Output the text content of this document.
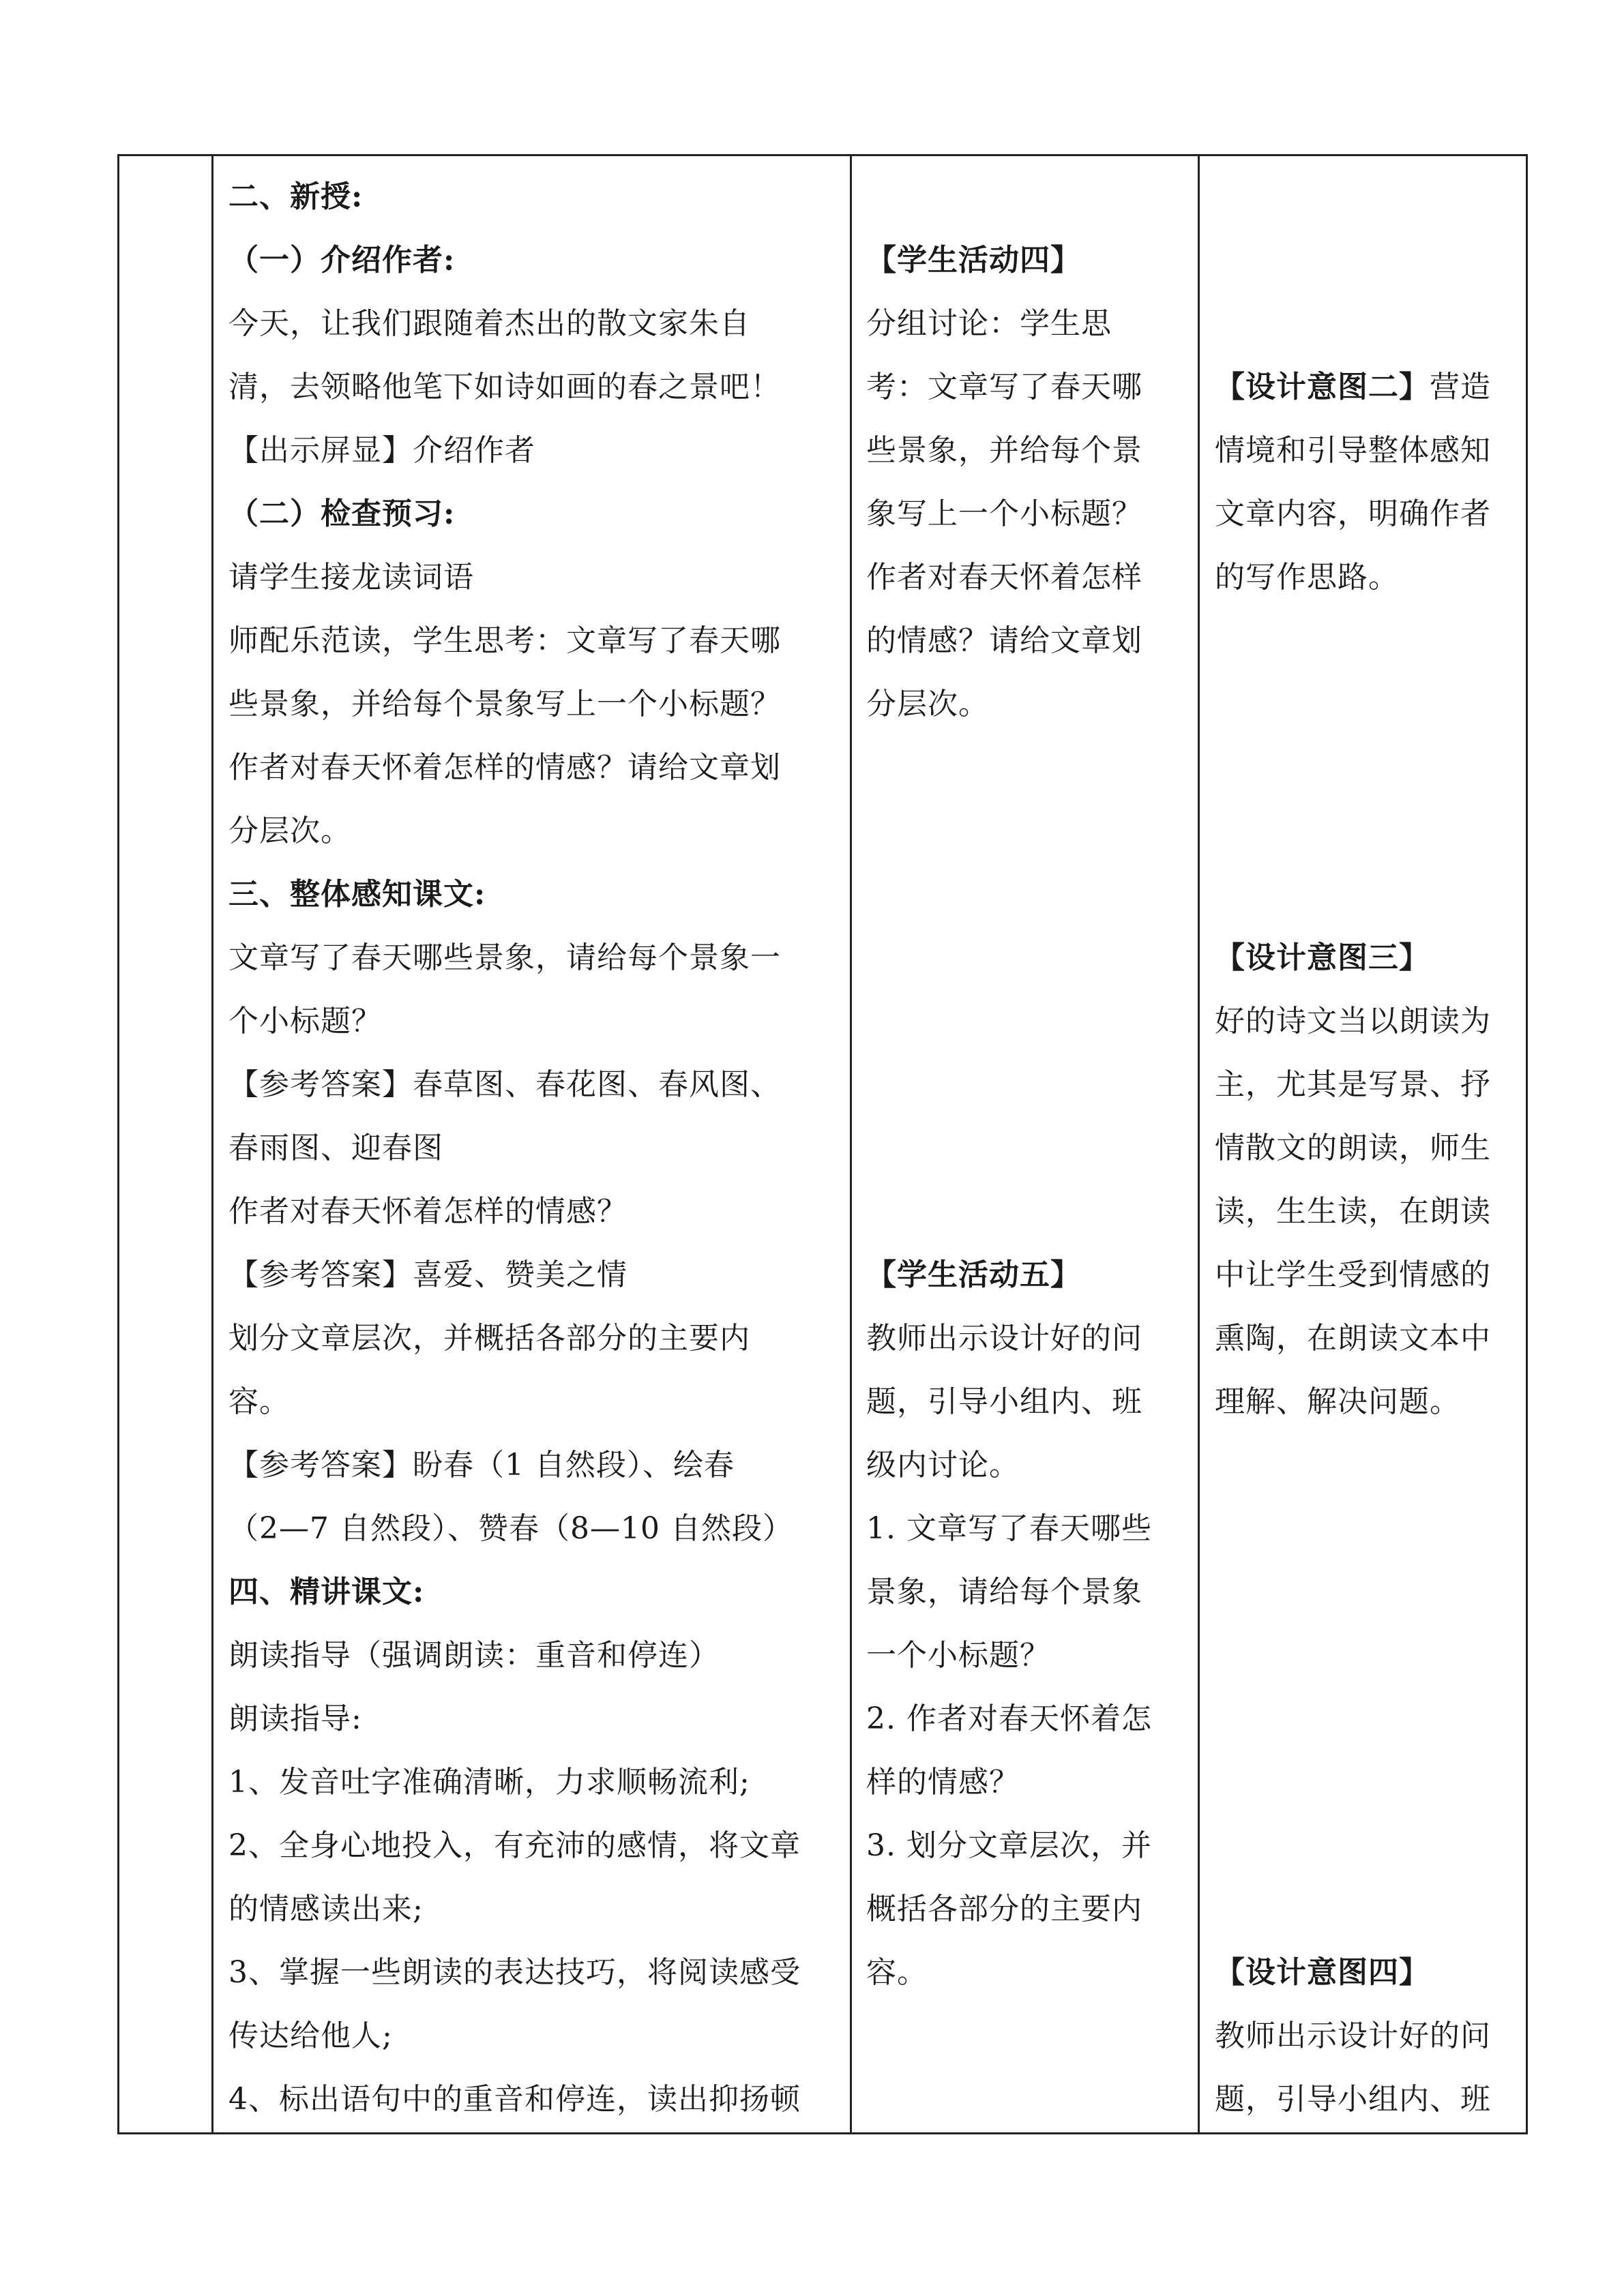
二、新授:
（一）介绍作者:
今天，让我们跟随着杰出的散文家朱自
清，去领略他笔下如诗如画的春之景吧！
【出示屏显】介绍作者
（二）检查预习:
请学生接龙读词语
师配乐范读，学生思考：文章写了春天哪
些景象，并给每个景象写上一个小标题？
作者对春天怀着怎样的情感？请给文章划
分层次。
三、整体感知课文:
文章写了春天哪些景象，请给每个景象一
个小标题？
【参考答案】春草图、春花图、春风图、
春雨图、迎春图
作者对春天怀着怎样的情感？
【参考答案】喜爱、赞美之情
划分文章层次，并概括各部分的主要内
容。
【参考答案】盼春（1 自然段）、绘春
（2—7 自然段）、赞春（8—10 自然段）
四、精讲课文:
朗读指导（强调朗读：重音和停连）
朗读指导:
1、发音吐字准确清晰，力求顺畅流利;
2、全身心地投入，有充沛的感情，将文章
的情感读出来;
3、掌握一些朗读的表达技巧，将阅读感受
传达给他人;
4、标出语句中的重音和停连，读出抑扬顿
【学生活动四】
分组讨论：学生思
考：文章写了春天哪
些景象，并给每个景
象写上一个小标题？
作者对春天怀着怎样
的情感？请给文章划
分层次。
【学生活动五】
教师出示设计好的问
题，引导小组内、班
级内讨论。
1. 文章写了春天哪些
景象，请给每个景象
一个小标题？
2. 作者对春天怀着怎
样的情感？
3. 划分文章层次，并
概括各部分的主要内
容。
【设计意图二】营造
情境和引导整体感知
文章内容，明确作者
的写作思路。
【设计意图三】
好的诗文当以朗读为
主，尤其是写景、抒
情散文的朗读，师生
读，生生读，在朗读
中让学生受到情感的
熏陶，在朗读文本中
理解、解决问题。
【设计意图四】
教师出示设计好的问
题，引导小组内、班
